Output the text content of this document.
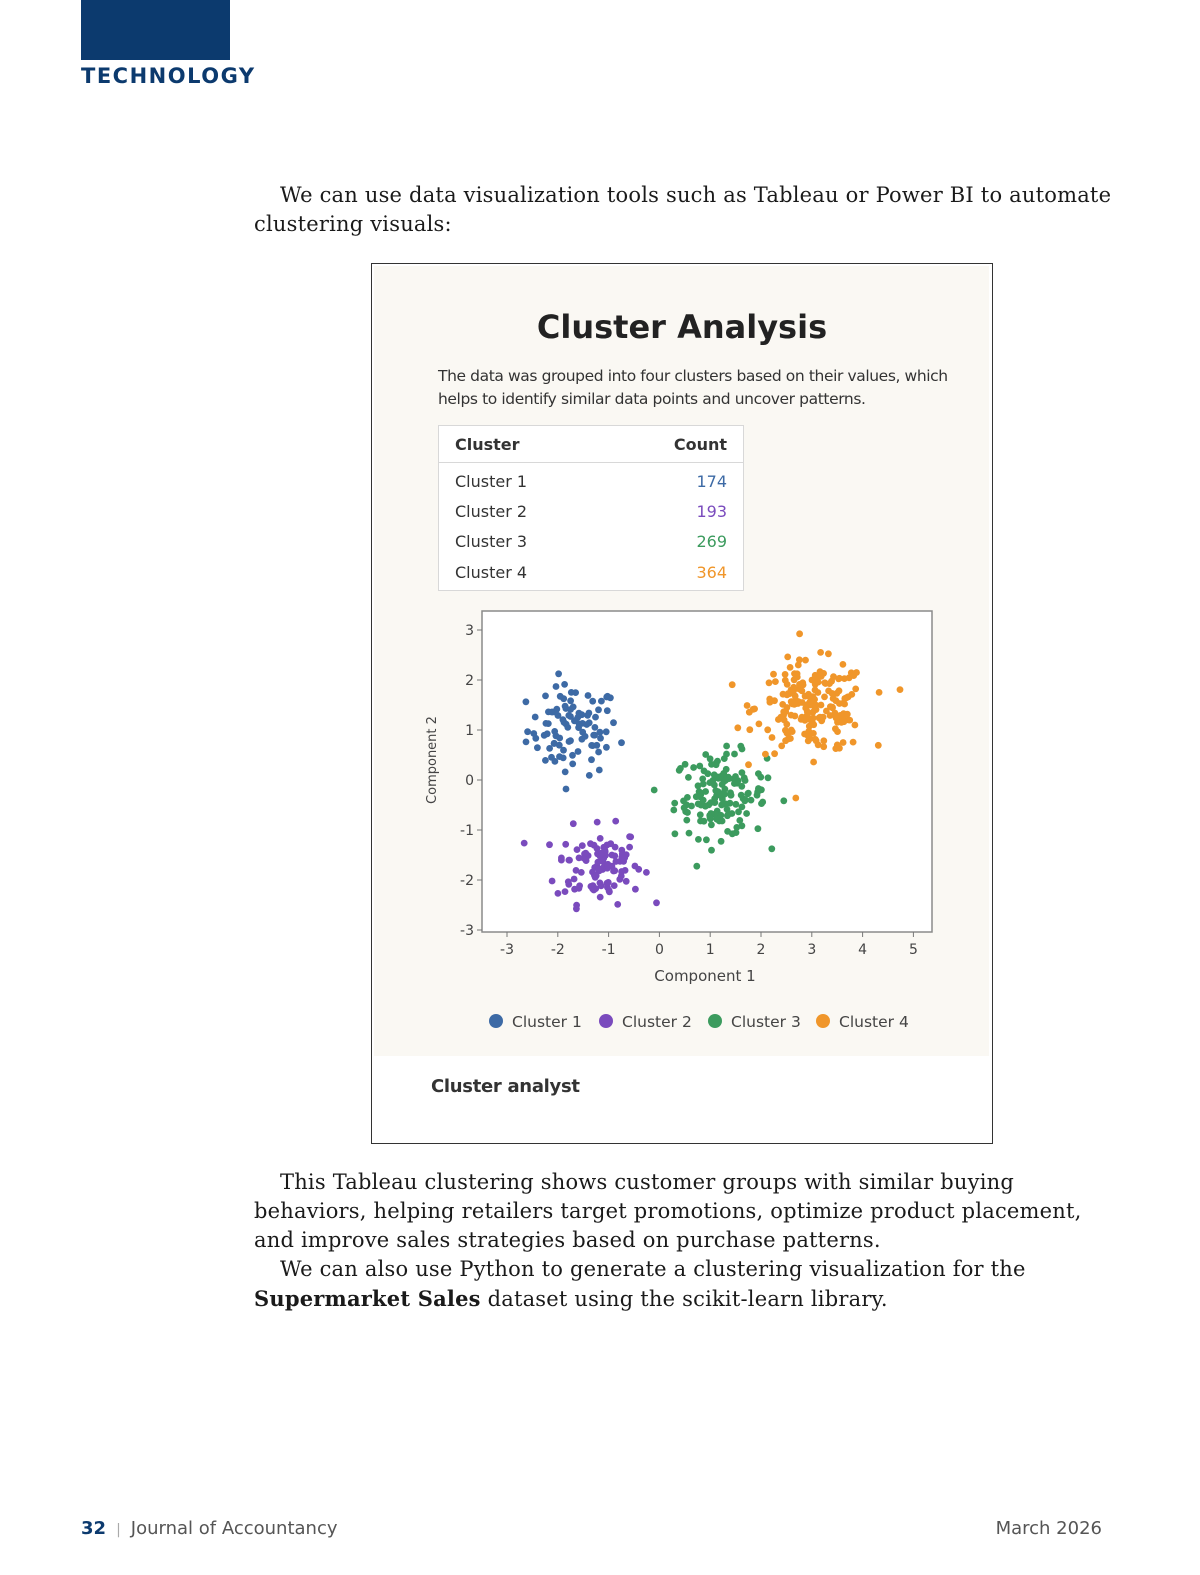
TECHNOLOGY

We can use data visualization tools such as Tableau or Power BI to automate clustering visuals:

Cluster Analysis
The data was grouped into four clusters based on their values, which helps to identify similar data points and uncover patterns.
Cluster	Count
Cluster 1	174
Cluster 2	193
Cluster 3	269
Cluster 4	364
-3	-2	-1	0	1	2	3	4	5
3
2
1
0
-1
-2
-3
Component 1
Component 2
Cluster 1	Cluster 2	Cluster 3 Cluster 4
Cluster analyst

This Tableau clustering shows customer groups with similar buying behaviors, helping retailers target promotions, optimize product placement, and improve sales strategies based on purchase patterns.

We can also use Python to generate a clustering visualization for the Supermarket Sales dataset using the scikit-learn library.

32 | Journal of Accountancy	March 2026
